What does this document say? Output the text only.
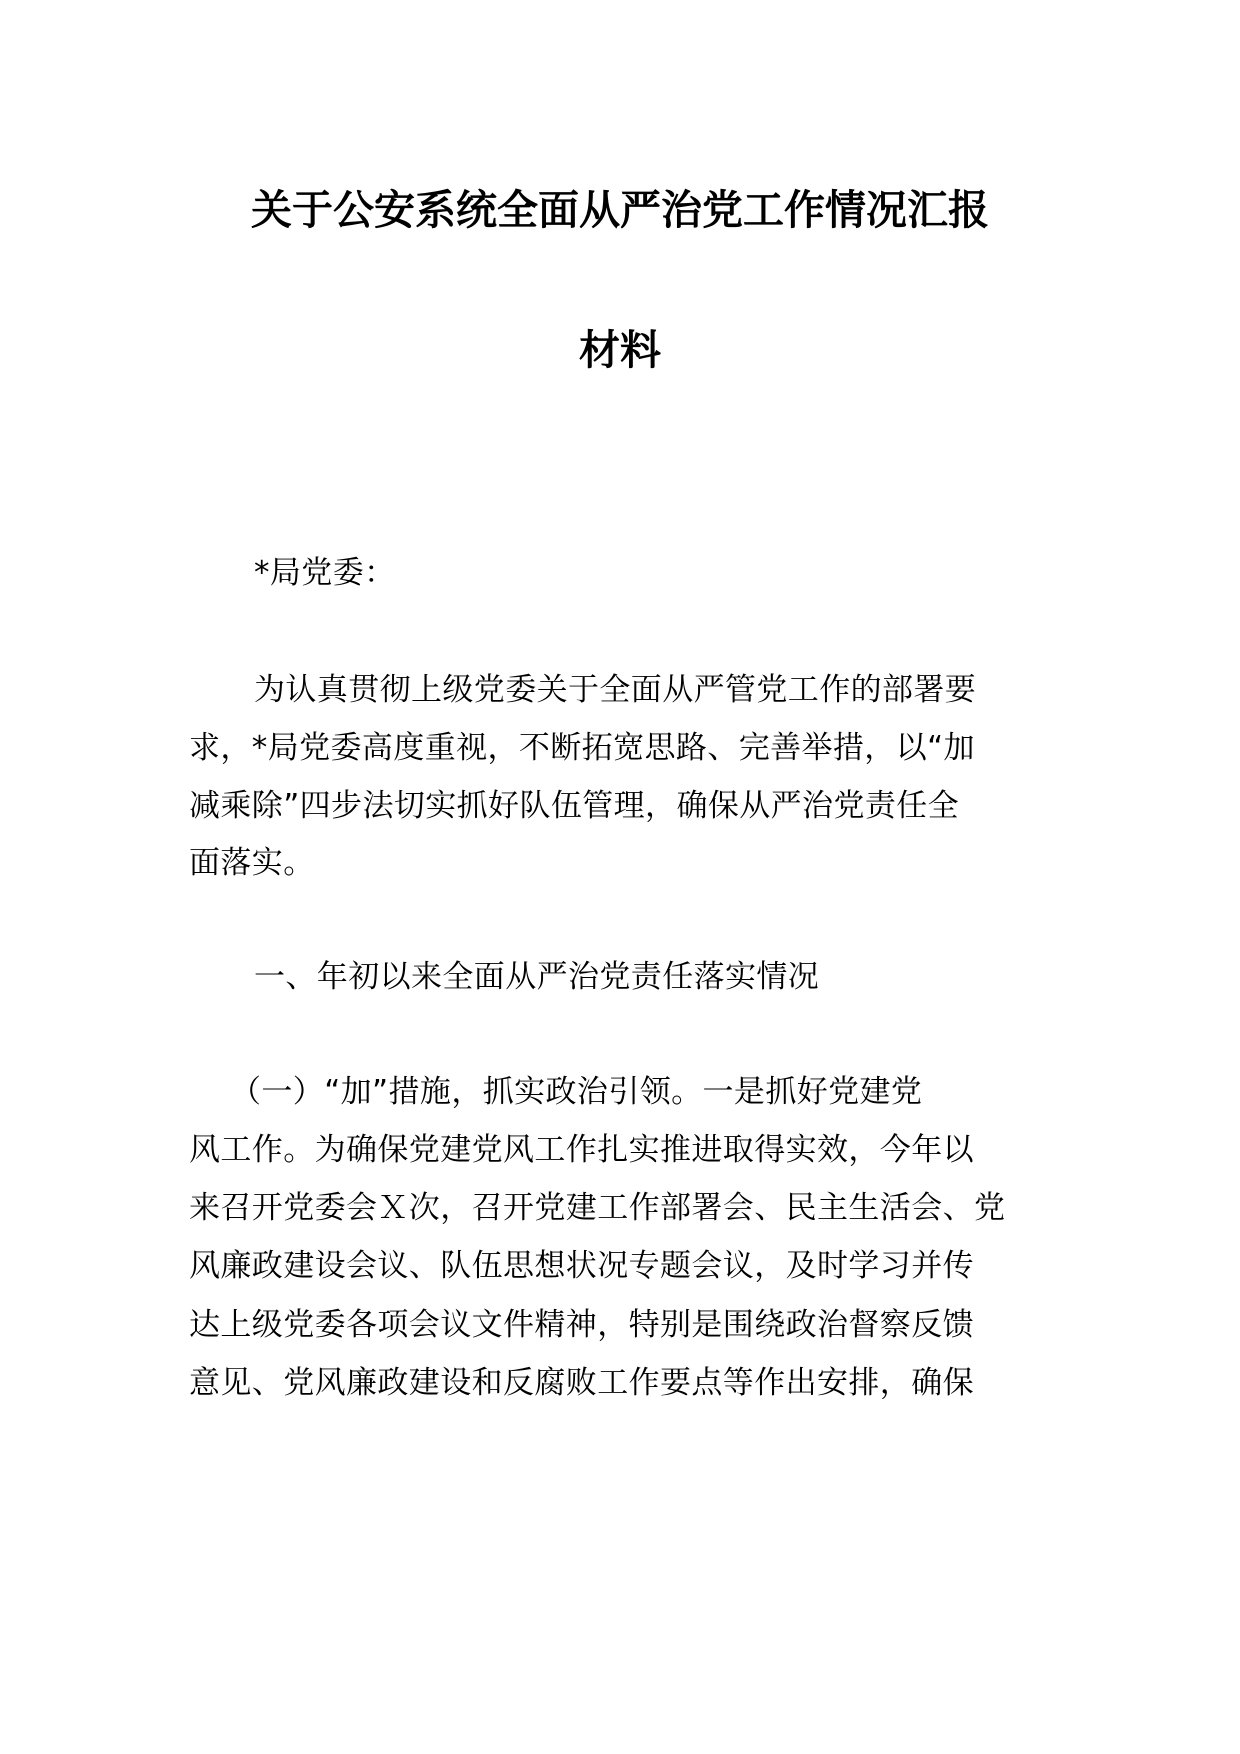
关于公安系统全面从严治党工作情况汇报
材料
*局党委：
为认真贯彻上级党委关于全面从严管党工作的部署要
求，*局党委高度重视，不断拓宽思路、完善举措，以“加
减乘除”四步法切实抓好队伍管理，确保从严治党责任全
面落实。
一、年初以来全面从严治党责任落实情况
（一）“加”措施，抓实政治引领。一是抓好党建党
风工作。为确保党建党风工作扎实推进取得实效，今年以
来召开党委会Ｘ次，召开党建工作部署会、民主生活会、党
风廉政建设会议、队伍思想状况专题会议，及时学习并传
达上级党委各项会议文件精神，特别是围绕政治督察反馈
意见、党风廉政建设和反腐败工作要点等作出安排，确保
